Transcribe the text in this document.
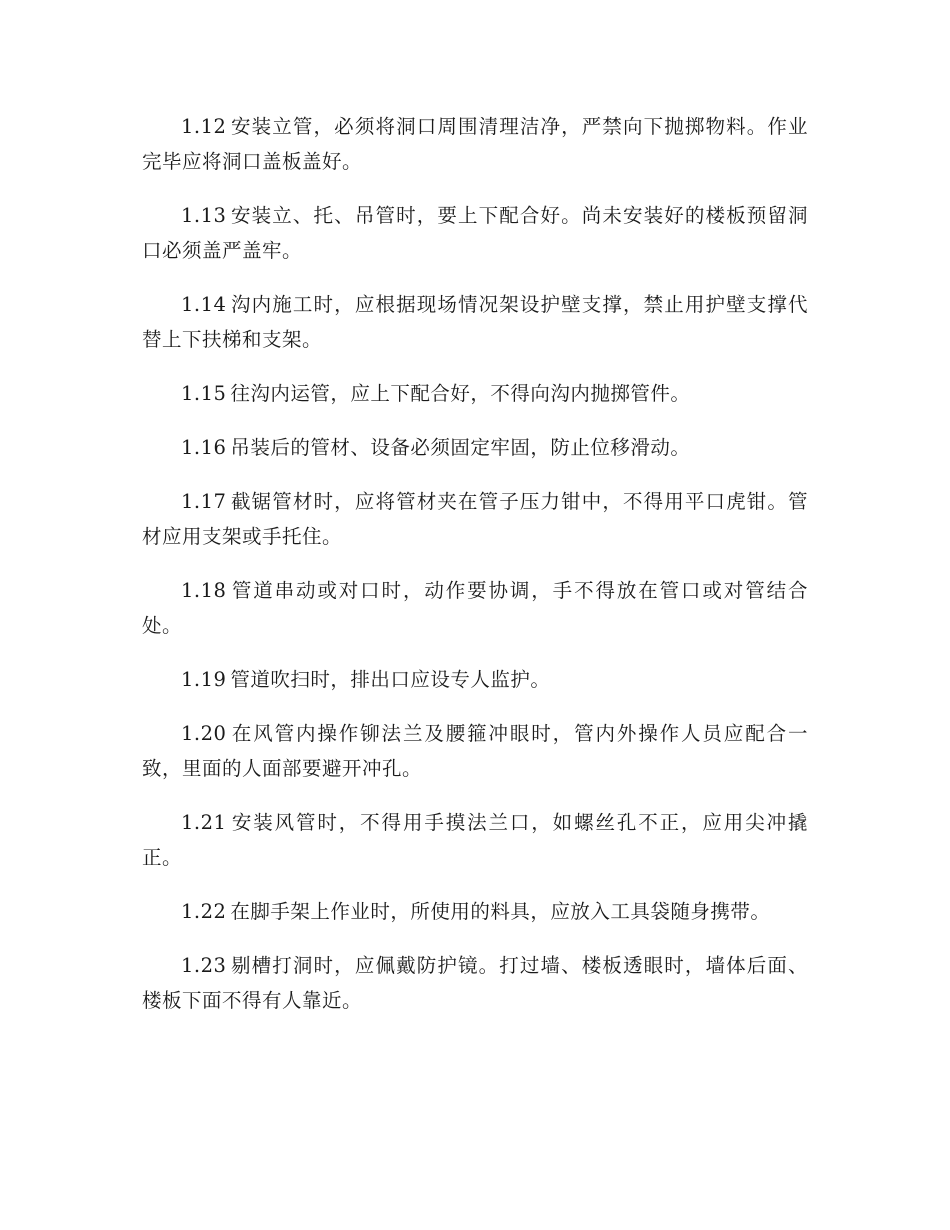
1.12 安装立管，必须将洞口周围清理洁净，严禁向下抛掷物料。作业完毕应将洞口盖板盖好。

1.13 安装立、托、吊管时，要上下配合好。尚未安装好的楼板预留洞口必须盖严盖牢。

1.14 沟内施工时，应根据现场情况架设护壁支撑，禁止用护壁支撑代替上下扶梯和支架。

1.15 往沟内运管，应上下配合好，不得向沟内抛掷管件。

1.16 吊装后的管材、设备必须固定牢固，防止位移滑动。

1.17 截锯管材时，应将管材夹在管子压力钳中，不得用平口虎钳。管材应用支架或手托住。

1.18 管道串动或对口时，动作要协调，手不得放在管口或对管结合处。

1.19 管道吹扫时，排出口应设专人监护。

1.20 在风管内操作铆法兰及腰箍冲眼时，管内外操作人员应配合一致，里面的人面部要避开冲孔。

1.21 安装风管时，不得用手摸法兰口，如螺丝孔不正，应用尖冲撬正。

1.22 在脚手架上作业时，所使用的料具，应放入工具袋随身携带。

1.23 剔槽打洞时，应佩戴防护镜。打过墙、楼板透眼时，墙体后面、楼板下面不得有人靠近。
